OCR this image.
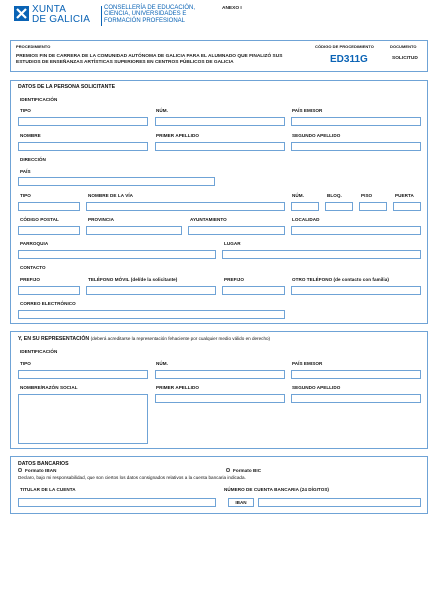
XUNTA
DE GALICIA
CONSELLERÍA DE EDUCACIÓN,
CIENCIA, UNIVERSIDADES E
FORMACIÓN PROFESIONAL
ANEXO I
PROCEDIMIENTO
PREMIOS FIN DE CARRERA DE LA COMUNIDAD AUTÓNOMA DE GALICIA PARA EL ALUMNADO QUE FINALIZÓ SUS ESTUDIOS DE ENSEÑANZAS ARTÍSTICAS SUPERIORES EN CENTROS PÚBLICOS DE GALICIA
CÓDIGO DE PROCEDIMIENTO
ED311G
DOCUMENTO
SOLICITUD
DATOS DE LA PERSONA SOLICITANTE
IDENTIFICACIÓN
TIPO	NÚM.	PAÍS EMISOR
NOMBRE	PRIMER APELLIDO	SEGUNDO APELLIDO
DIRECCIÓN
PAÍS
TIPO	NOMBRE DE LA VÍA	NÚM.	BLOQ.	PISO	PUERTA
CÓDIGO POSTAL	PROVINCIA	AYUNTAMIENTO	LOCALIDAD
PARROQUIA	LUGAR
CONTACTO
PREFIJO	TELÉFONO MÓVIL (del/de la solicitante)	PREFIJO	OTRO TELÉFONO (de contacto con familia)
CORREO ELECTRÓNICO
Y, EN SU REPRESENTACIÓN (deberá acreditarse la representación fehaciente por cualquier medio válido en derecho)
IDENTIFICACIÓN
TIPO	NÚM.	PAÍS EMISOR
NOMBRE/RAZÓN SOCIAL	PRIMER APELLIDO	SEGUNDO APELLIDO
DATOS BANCARIOS
Formato IBAN	Formato BIC
Declaro, bajo mi responsabilidad, que son ciertos los datos consignados relativos a la cuenta bancaria indicada.
TITULAR DE LA CUENTA	NÚMERO DE CUENTA BANCARIA (24 DÍGITOS)
IBAN
